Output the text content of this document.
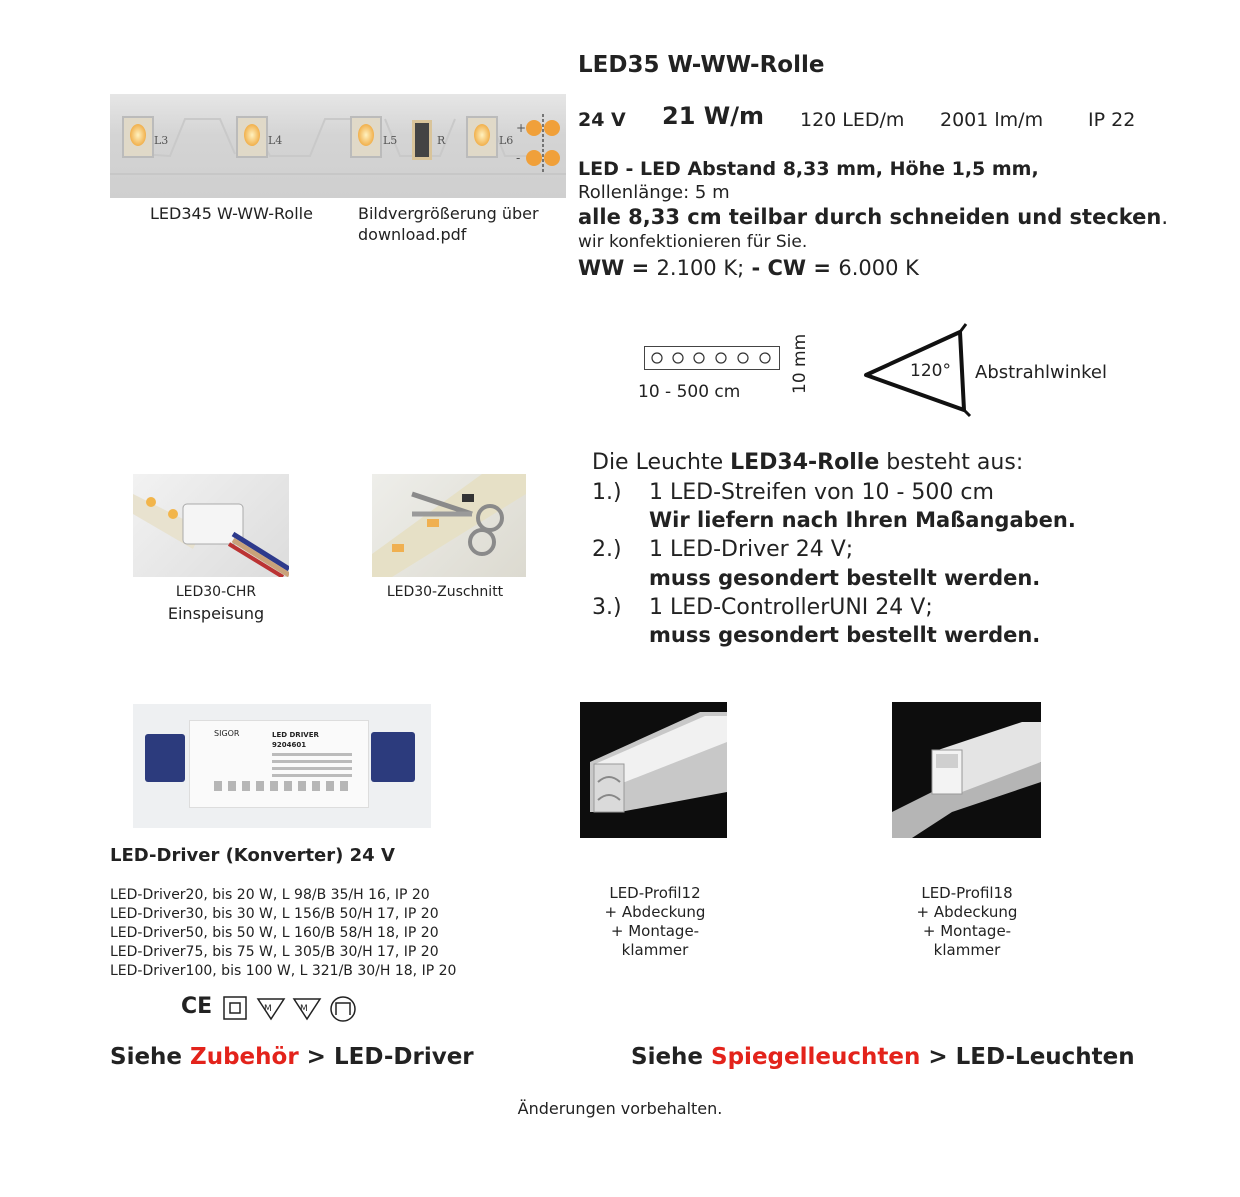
LED35 W-WW-Rolle
24 V 21 W/m 120 LED/m 2001 lm/m IP 22
LED - LED Abstand 8,33 mm, Höhe 1,5 mm,
Rollenlänge: 5 m
alle 8,33 cm teilbar durch schneiden und stecken.
wir konfektionieren für Sie.
WW = 2.100 K; - CW = 6.000 K
L3	L4	L5	R	L6
+
-
LED345 W-WW-Rolle	Bildvergrößerung über
download.pdf
10 - 500 cm	10 mm	120° Abstrahlwinkel
LED30-CHR
Einspeisung
LED30-Zuschnitt
Die Leuchte LED34-Rolle besteht aus:
1.) 1 LED-Streifen von 10 - 500 cm
Wir liefern nach Ihren Maßangaben.
2.) 1 LED-Driver 24 V;
muss gesondert bestellt werden.
3.) 1 LED-ControllerUNI 24 V;
muss gesondert bestellt werden.
SIGOR	LED DRIVER
9204601
LED-Driver (Konverter) 24 V
LED-Driver20, bis 20 W, L 98/B 35/H 16, IP 20
LED-Driver30, bis 30 W, L 156/B 50/H 17, IP 20
LED-Driver50, bis 50 W, L 160/B 58/H 18, IP 20
LED-Driver75, bis 75 W, L 305/B 30/H 17, IP 20
LED-Driver100, bis 100 W, L 321/B 30/H 18, IP 20
CE	M	M
Siehe Zubehör > LED-Driver
LED-Profil12
+ Abdeckung
+ Montage-
klammer
LED-Profil18
+ Abdeckung
+ Montage-
klammer
Siehe Spiegelleuchten > LED-Leuchten
Änderungen vorbehalten.
